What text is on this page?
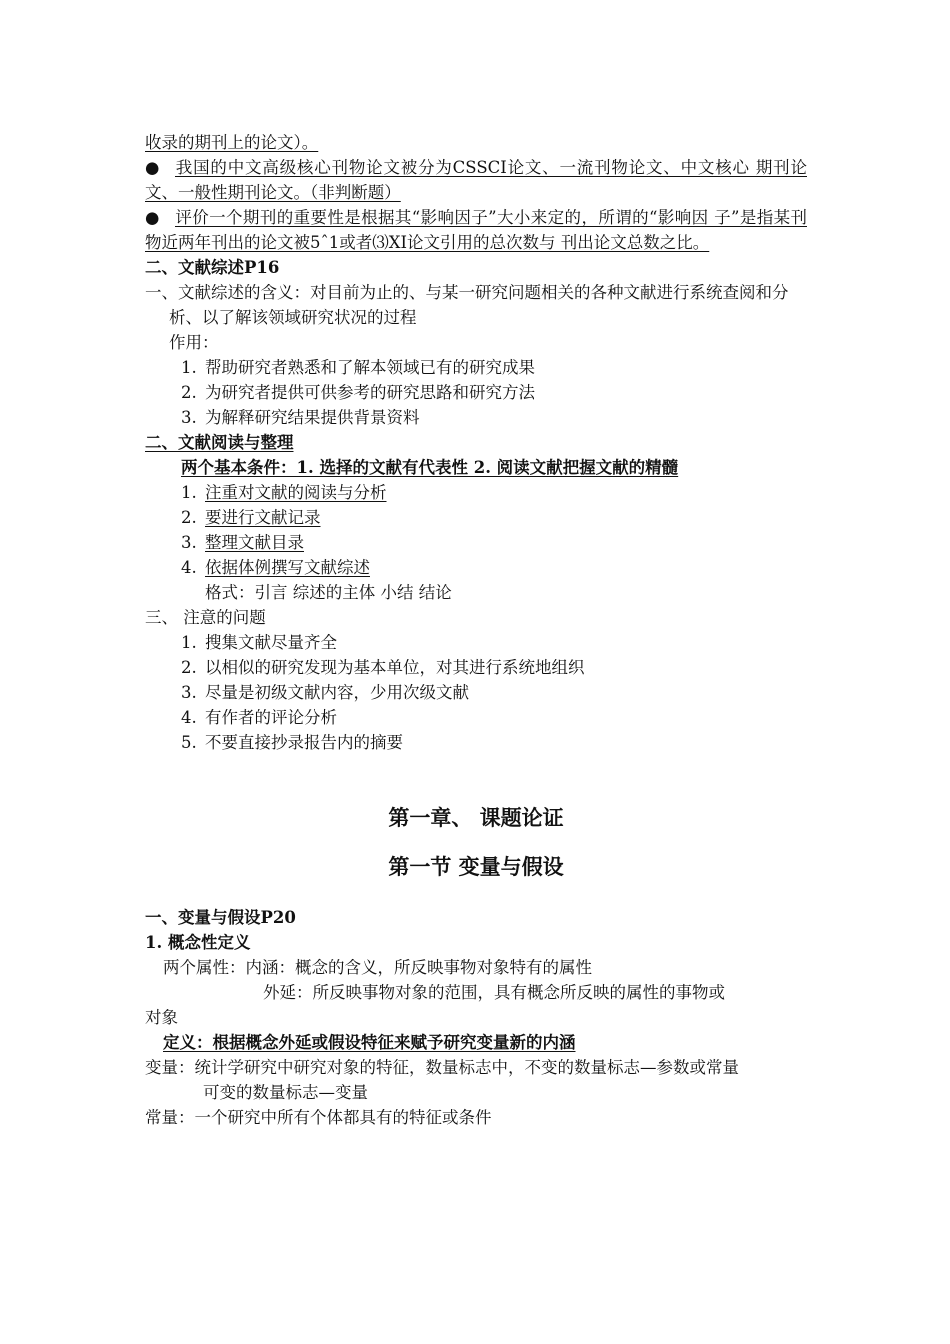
收录的期刊上的论文）。
● 我国的中文高级核心刊物论文被分为CSSCI论文、一流刊物论文、中文核心 期刊论文、一般性期刊论文。（非判断题）
● 评价一个期刊的重要性是根据其“影响因子”大小来定的，所谓的“影响因 子”是指某刊物近两年刊出的论文被5ˆ1或者⑶XI论文引用的总次数与 刊出论文总数之比。
二、文献综述P16
一、文献综述的含义：对目前为止的、与某一研究问题相关的各种文献进行系统查阅和分析、以了解该领域研究状况的过程
作用：
1. 帮助研究者熟悉和了解本领域已有的研究成果
2. 为研究者提供可供参考的研究思路和研究方法
3. 为解释研究结果提供背景资料
二、文献阅读与整理
两个基本条件：1. 选择的文献有代表性 2. 阅读文献把握文献的精髓
1. 注重对文献的阅读与分析
2. 要进行文献记录
3. 整理文献目录
4. 依据体例撰写文献综述
格式：引言 综述的主体 小结 结论
三、 注意的问题
1. 搜集文献尽量齐全
2. 以相似的研究发现为基本单位，对其进行系统地组织
3. 尽量是初级文献内容，少用次级文献
4. 有作者的评论分析
5. 不要直接抄录报告内的摘要
第一章、 课题论证
第一节 变量与假设
一、变量与假设P20
1. 概念性定义
两个属性：内涵：概念的含义，所反映事物对象特有的属性
外延：所反映事物对象的范围，具有概念所反映的属性的事物或
对象
定义：根据概念外延或假设特征来赋予研究变量新的内涵
变量：统计学研究中研究对象的特征，数量标志中，不变的数量标志—参数或常量
可变的数量标志—变量
常量：一个研究中所有个体都具有的特征或条件
